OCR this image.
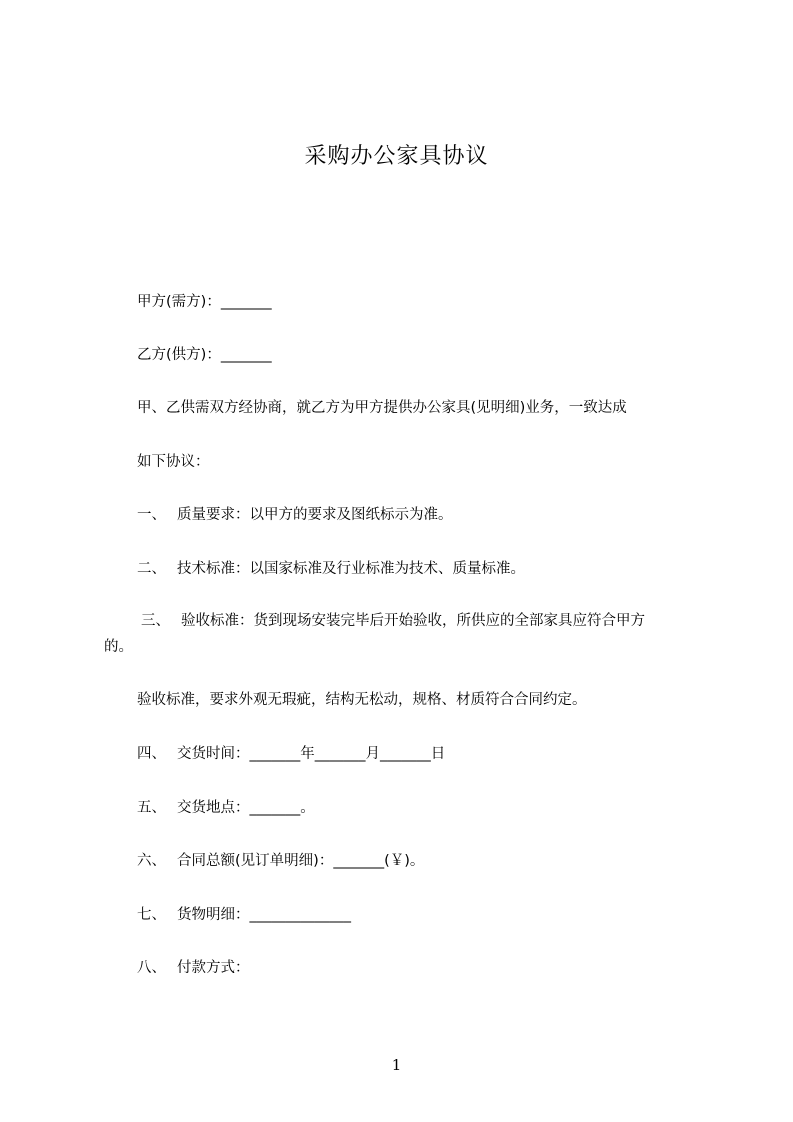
采购办公家具协议
甲方(需方)：_______
乙方(供方)：_______
甲、乙供需双方经协商，就乙方为甲方提供办公家具(见明细)业务，一致达成
如下协议：
一、 质量要求：以甲方的要求及图纸标示为准。
二、 技术标准：以国家标准及行业标准为技术、质量标准。
三、 验收标准：货到现场安装完毕后开始验收，所供应的全部家具应符合甲方
的。
验收标准，要求外观无瑕疵，结构无松动，规格、材质符合合同约定。
四、 交货时间：_______年_______月_______日
五、 交货地点：_______。
六、 合同总额(见订单明细)：_______(￥)。
七、 货物明细：______________
八、 付款方式：
1
